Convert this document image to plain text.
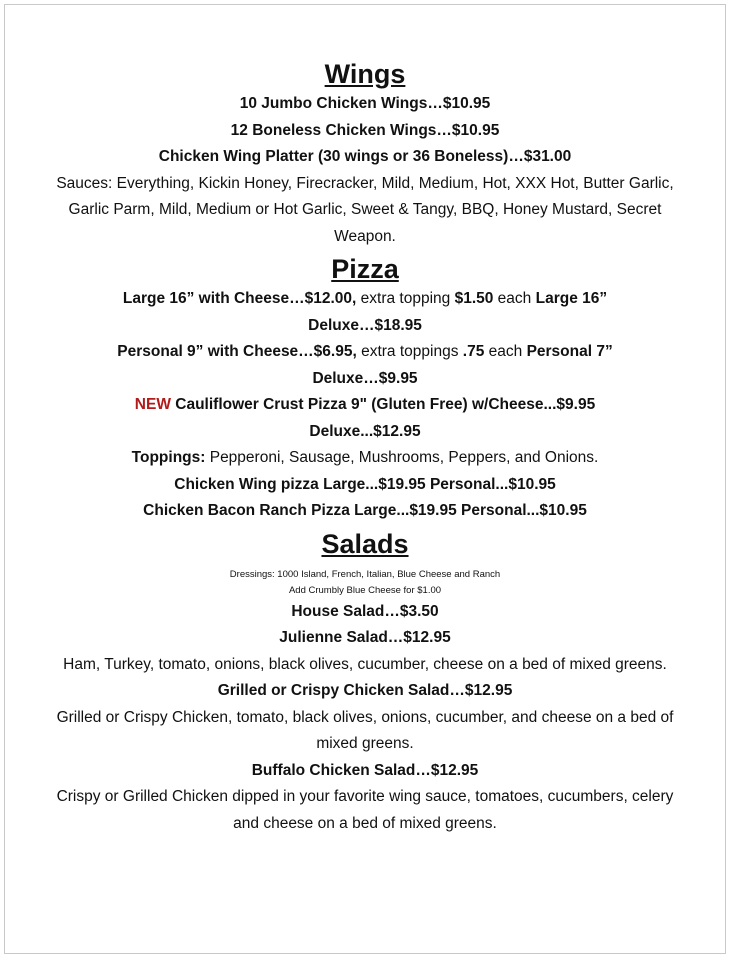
Wings

10 Jumbo Chicken Wings…$10.95

12 Boneless Chicken Wings…$10.95

Chicken Wing Platter (30 wings or 36 Boneless)…$31.00

Sauces: Everything, Kickin Honey, Firecracker, Mild, Medium, Hot, XXX Hot, Butter Garlic, Garlic Parm, Mild, Medium or Hot Garlic, Sweet & Tangy, BBQ, Honey Mustard, Secret Weapon.

Pizza

Large 16” with Cheese…$12.00, extra topping $1.50 each Large 16” Deluxe…$18.95

Personal 9” with Cheese…$6.95, extra toppings .75 each Personal 7” Deluxe…$9.95

NEW Cauliflower Crust Pizza 9" (Gluten Free) w/Cheese...$9.95

Deluxe...$12.95

Toppings: Pepperoni, Sausage, Mushrooms, Peppers, and Onions.

Chicken Wing pizza Large...$19.95 Personal...$10.95

Chicken Bacon Ranch Pizza Large...$19.95 Personal...$10.95

Salads

Dressings: 1000 Island, French, Italian, Blue Cheese and Ranch

Add Crumbly Blue Cheese for $1.00

House Salad…$3.50

Julienne Salad…$12.95

Ham, Turkey, tomato, onions, black olives, cucumber, cheese on a bed of mixed greens.

Grilled or Crispy Chicken Salad…$12.95

Grilled or Crispy Chicken, tomato, black olives, onions, cucumber, and cheese on a bed of mixed greens.

Buffalo Chicken Salad…$12.95

Crispy or Grilled Chicken dipped in your favorite wing sauce, tomatoes, cucumbers, celery and cheese on a bed of mixed greens.
